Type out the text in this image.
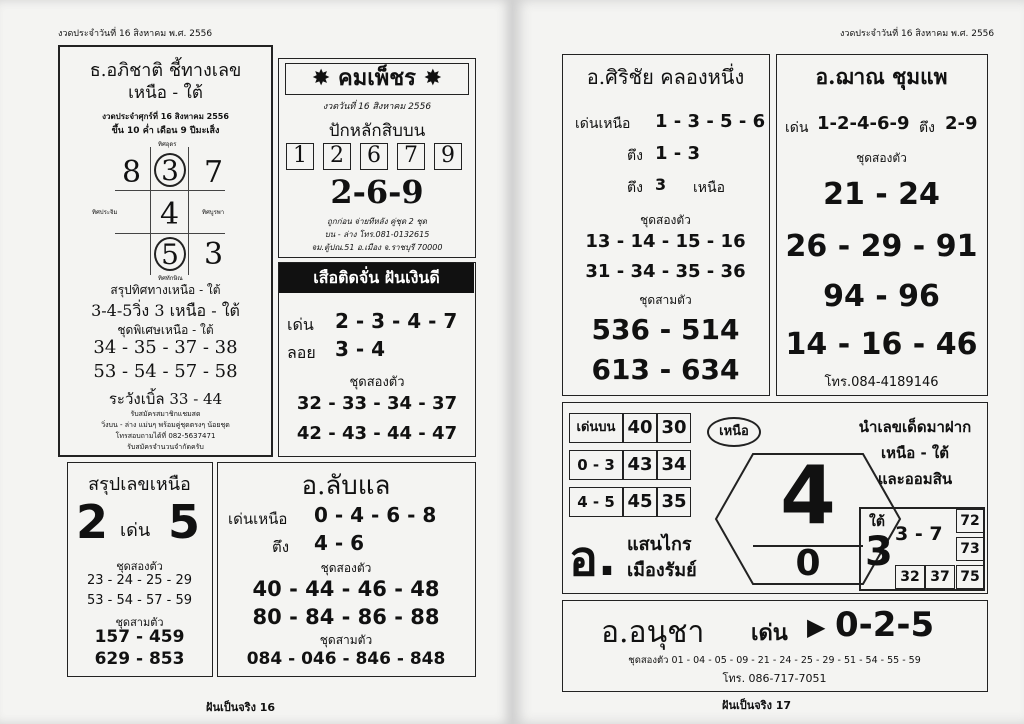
งวดประจำวันที่ 16 สิงหาคม พ.ศ. 2556
ธ.อภิชาติ ชี้ทางเลข
เหนือ - ใต้
งวดประจำศุกร์ที่ 16 สิงหาคม 2556
ขึ้น 10 ค่ำ เดือน 9 ปีมะเส็ง
ทิศอุดร
ทิศประจิม	ทิศบูรพา
ทิศทักษิณ
8 3 7
4
5 3
สรุปทิศทางเหนือ - ใต้
3-4-5วิ่ง 3 เหนือ - ใต้
ชุดพิเศษเหนือ - ใต้
34 - 35 - 37 - 38
53 - 54 - 57 - 58
ระวังเบิ้ล 33 - 44
รับสมัครสมาชิกแชมสด
วิ่งบน - ล่าง แม่นๆ พร้อมคู่ชุดตรงๆ น้อยชุด
โทรสอบถามได้ที่ 082-5637471
รับสมัครจำนวนจำกัดครับ
✸ คมเพ็ชร ✸
งวดวันที่ 16 สิงหาคม 2556
ปักหลักสิบบน
1	2	6	7	9
2-6-9
ถูกก่อน จ่ายทีหลัง คู่ชุด 2 ชุด
บน - ล่าง โทร.081-0132615
จม.ตู้ปณ.51 อ.เมือง จ.ราชบุรี 70000
เสือติดจั่น ฝันเงินดี
เด่น 2 - 3 - 4 - 7
ลอย 3 - 4
ชุดสองตัว
32 - 33 - 34 - 37
42 - 43 - 44 - 47
สรุปเลขเหนือ
2 เด่น 5
ชุดสองตัว
23 - 24 - 25 - 29
53 - 54 - 57 - 59
ชุดสามตัว
157 - 459
629 - 853
อ.ลับแล
เด่นเหนือ 0 - 4 - 6 - 8
ตึง 4 - 6
ชุดสองตัว
40 - 44 - 46 - 48
80 - 84 - 86 - 88
ชุดสามตัว
084 - 046 - 846 - 848
ฝันเป็นจริง 16
งวดประจำวันที่ 16 สิงหาคม พ.ศ. 2556
อ.ศิริชัย คลองหนึ่ง
เด่นเหนือ 1 - 3 - 5 - 6
ตึง 1 - 3
ตึง 3 เหนือ
ชุดสองตัว
13 - 14 - 15 - 16
31 - 34 - 35 - 36
ชุดสามตัว
536 - 514
613 - 634
อ.ฌาณ ชุมแพ
เด่น 1-2-4-6-9 ตึง 2-9
ชุดสองตัว
21 - 24
26 - 29 - 91
94 - 96
14 - 16 - 46
โทร.084-4189146
เด่นบน 40 30
0 - 3 43 34
4 - 5 45 35
เหนือ
4
0
อ. แสนไกร
เมืองรัมย์
นำเลขเด็ดมาฝาก
เหนือ - ใต้
และออมสิน
ใต้
3 3 - 7
72
73
32 37 75
อ.อนุชา เด่น ▶ 0-2-5
ชุดสองตัว 01 - 04 - 05 - 09 - 21 - 24 - 25 - 29 - 51 - 54 - 55 - 59
โทร. 086-717-7051
ฝันเป็นจริง 17
